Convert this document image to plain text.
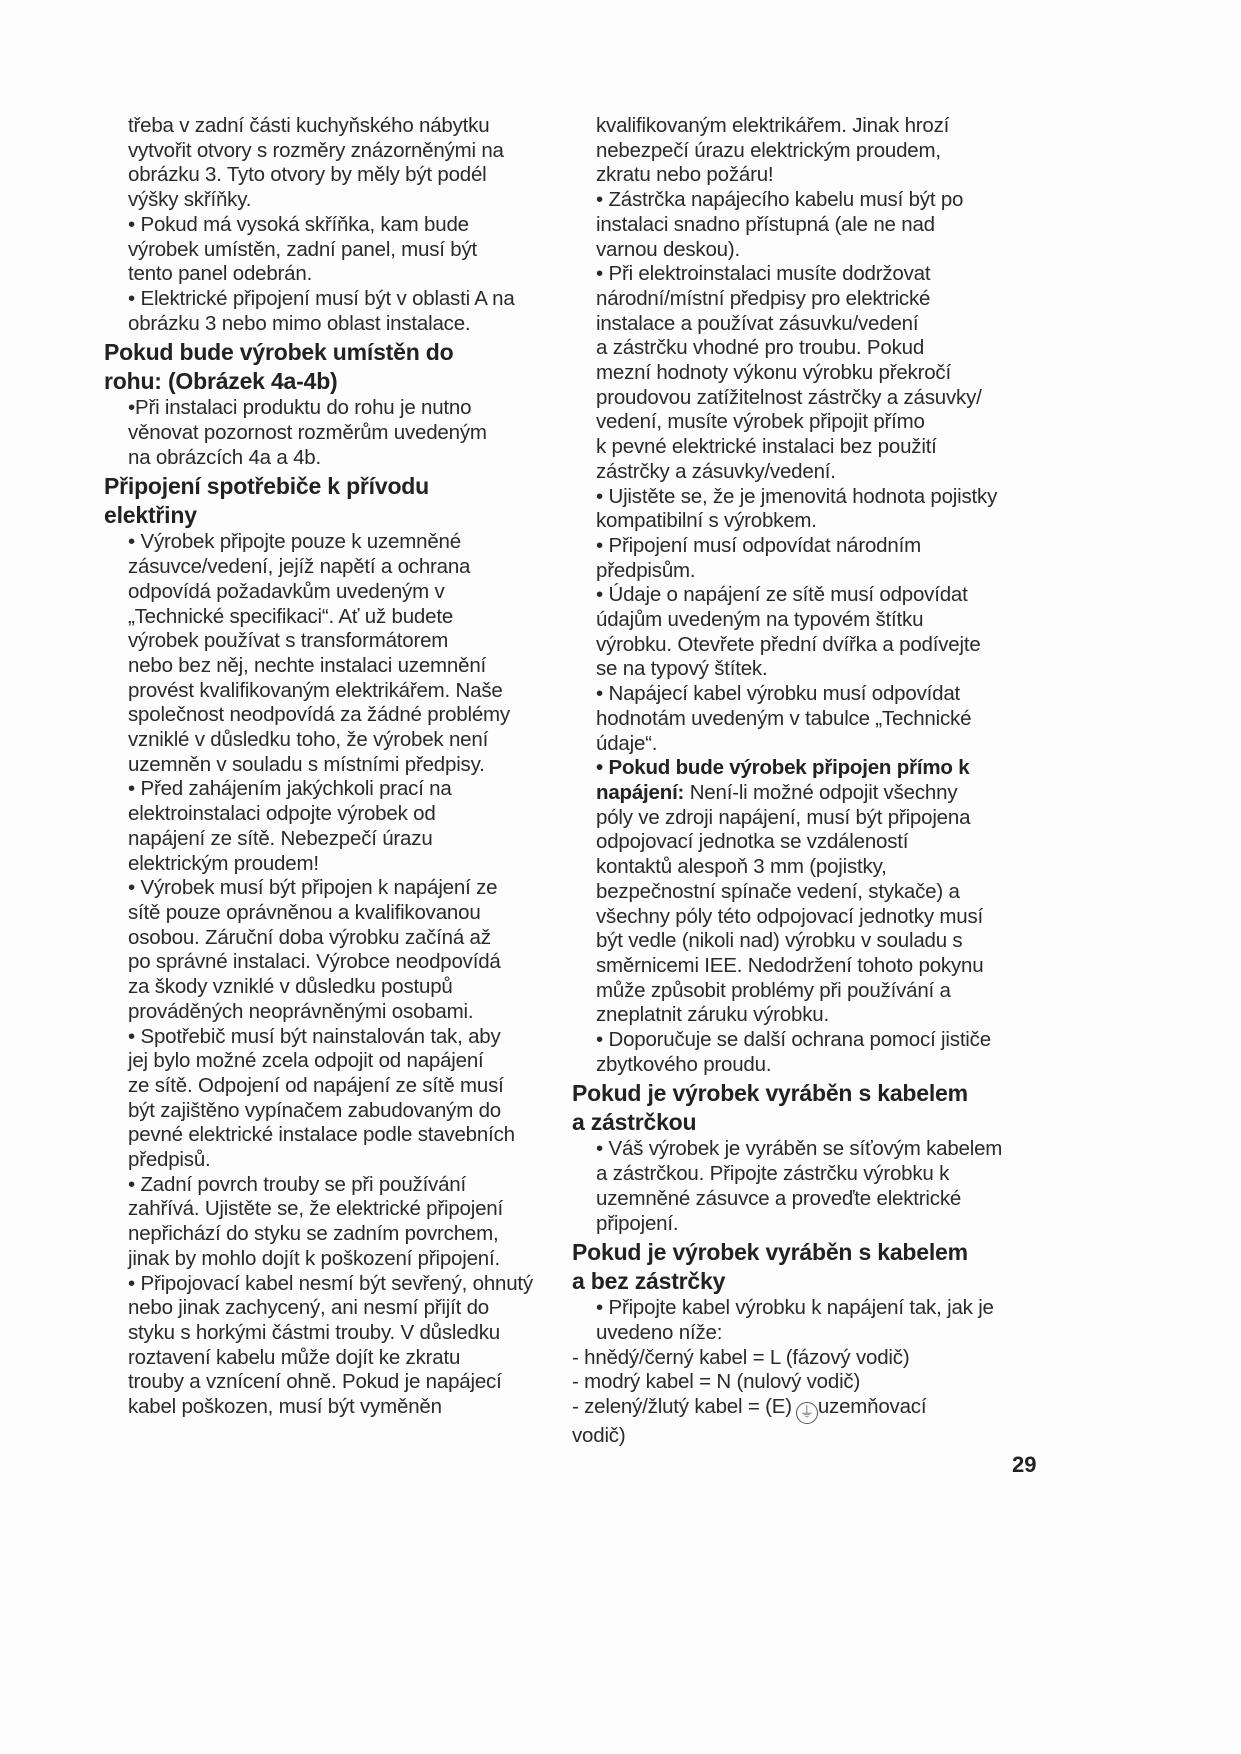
třeba v zadní části kuchyňského nábytku
vytvořit otvory s rozměry znázorněnými na
obrázku 3. Tyto otvory by měly být podél
výšky skříňky.
• Pokud má vysoká skříňka, kam bude
výrobek umístěn, zadní panel, musí být
tento panel odebrán.
• Elektrické připojení musí být v oblasti A na
obrázku 3 nebo mimo oblast instalace.
Pokud bude výrobek umístěn do
rohu: (Obrázek 4a-4b)
•Při instalaci produktu do rohu je nutno
věnovat pozornost rozměrům uvedeným
na obrázcích 4a a 4b.
Připojení spotřebiče k přívodu
elektřiny
• Výrobek připojte pouze k uzemněné
zásuvce/vedení, jejíž napětí a ochrana
odpovídá požadavkům uvedeným v
„Technické specifikaci“. Ať už budete
výrobek používat s transformátorem
nebo bez něj, nechte instalaci uzemnění
provést kvalifikovaným elektrikářem. Naše
společnost neodpovídá za žádné problémy
vzniklé v důsledku toho, že výrobek není
uzemněn v souladu s místními předpisy.
• Před zahájením jakýchkoli prací na
elektroinstalaci odpojte výrobek od
napájení ze sítě. Nebezpečí úrazu
elektrickým proudem!
• Výrobek musí být připojen k napájení ze
sítě pouze oprávněnou a kvalifikovanou
osobou. Záruční doba výrobku začíná až
po správné instalaci. Výrobce neodpovídá
za škody vzniklé v důsledku postupů
prováděných neoprávněnými osobami.
• Spotřebič musí být nainstalován tak, aby
jej bylo možné zcela odpojit od napájení
ze sítě. Odpojení od napájení ze sítě musí
být zajištěno vypínačem zabudovaným do
pevné elektrické instalace podle stavebních
předpisů.
• Zadní povrch trouby se při používání
zahřívá. Ujistěte se, že elektrické připojení
nepřichází do styku se zadním povrchem,
jinak by mohlo dojít k poškození připojení.
• Připojovací kabel nesmí být sevřený, ohnutý
nebo jinak zachycený, ani nesmí přijít do
styku s horkými částmi trouby. V důsledku
roztavení kabelu může dojít ke zkratu
trouby a vznícení ohně. Pokud je napájecí
kabel poškozen, musí být vyměněn
kvalifikovaným elektrikářem. Jinak hrozí
nebezpečí úrazu elektrickým proudem,
zkratu nebo požáru!
• Zástrčka napájecího kabelu musí být po
instalaci snadno přístupná (ale ne nad
varnou deskou).
• Při elektroinstalaci musíte dodržovat
národní/místní předpisy pro elektrické
instalace a používat zásuvku/vedení
a zástrčku vhodné pro troubu. Pokud
mezní hodnoty výkonu výrobku překročí
proudovou zatížitelnost zástrčky a zásuvky/
vedení, musíte výrobek připojit přímo
k pevné elektrické instalaci bez použití
zástrčky a zásuvky/vedení.
• Ujistěte se, že je jmenovitá hodnota pojistky
kompatibilní s výrobkem.
• Připojení musí odpovídat národním
předpisům.
• Údaje o napájení ze sítě musí odpovídat
údajům uvedeným na typovém štítku
výrobku. Otevřete přední dvířka a podívejte
se na typový štítek.
• Napájecí kabel výrobku musí odpovídat
hodnotám uvedeným v tabulce „Technické
údaje“.
• Pokud bude výrobek připojen přímo k
napájení: Není-li možné odpojit všechny
póly ve zdroji napájení, musí být připojena
odpojovací jednotka se vzdáleností
kontaktů alespoň 3 mm (pojistky,
bezpečnostní spínače vedení, stykače) a
všechny póly této odpojovací jednotky musí
být vedle (nikoli nad) výrobku v souladu s
směrnicemi IEE. Nedodržení tohoto pokynu
může způsobit problémy při používání a
zneplatnit záruku výrobku.
• Doporučuje se další ochrana pomocí jističe
zbytkového proudu.
Pokud je výrobek vyráběn s kabelem
a zástrčkou
• Váš výrobek je vyráběn se síťovým kabelem
a zástrčkou. Připojte zástrčku výrobku k
uzemněné zásuvce a proveďte elektrické
připojení.
Pokud je výrobek vyráběn s kabelem
a bez zástrčky
• Připojte kabel výrobku k napájení tak, jak je
uvedeno níže:
- hnědý/černý kabel = L (fázový vodič)
- modrý kabel = N (nulový vodič)
- zelený/žlutý kabel = (E) ⏚ uzemňovací
vodič)
29
